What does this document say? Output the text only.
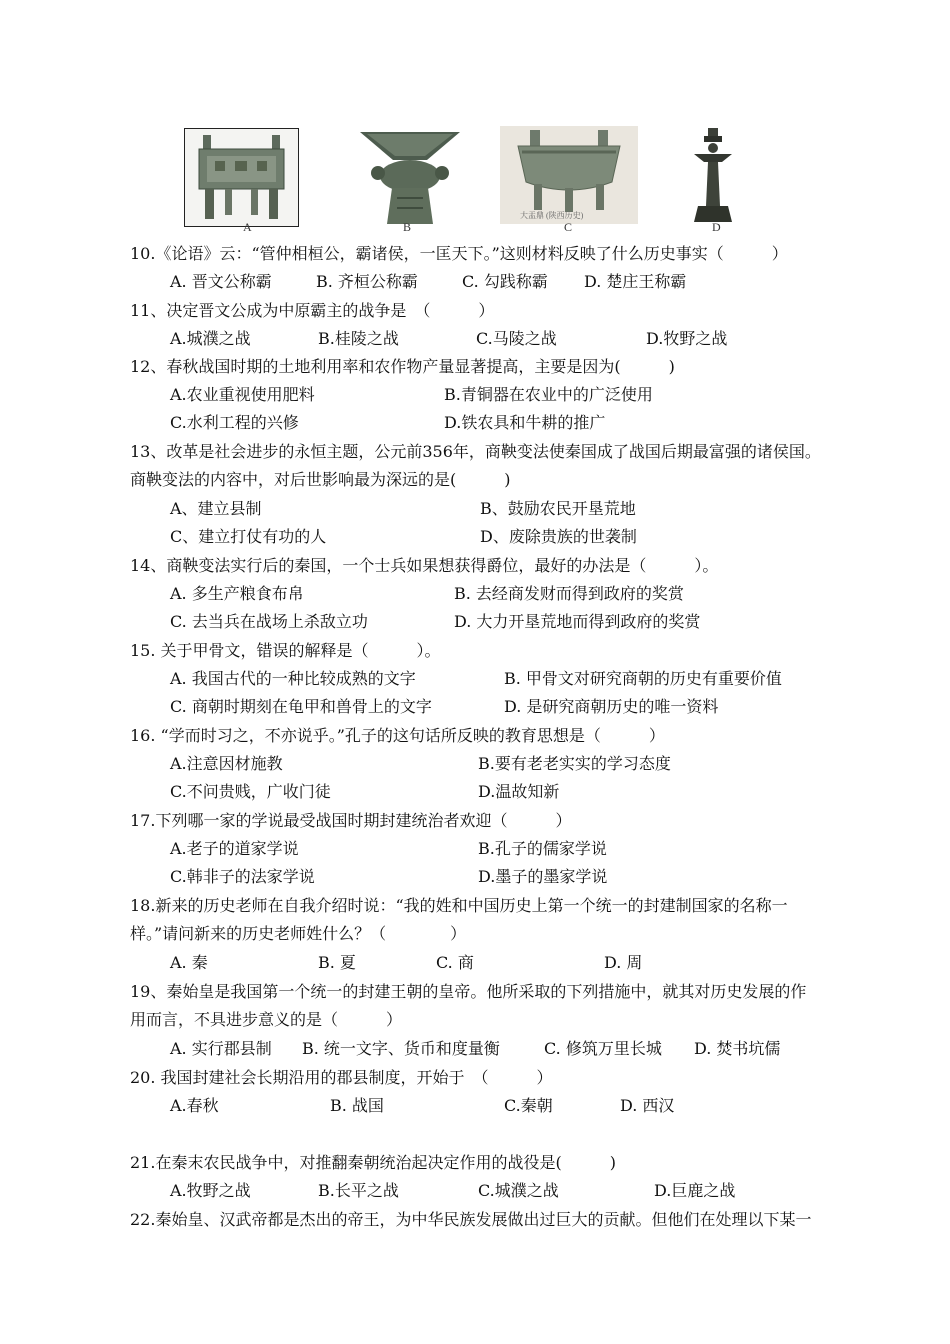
A	B
大盂鼎 (陕西历史)
C	D
10.《论语》云：“管仲相桓公，霸诸侯，一匡天下。”这则材料反映了什么历史事实（　　　）
A. 晋文公称霸	B. 齐桓公称霸	C. 勾践称霸 D. 楚庄王称霸
11、决定晋文公成为中原霸主的战争是　（　　　）
A.城濮之战	B.桂陵之战	C.马陵之战	D.牧野之战
12、春秋战国时期的土地利用率和农作物产量显著提高，主要是因为(　　　)
A.农业重视使用肥料	B.青铜器在农业中的广泛使用
C.水利工程的兴修	D.铁农具和牛耕的推广
13、改革是社会进步的永恒主题，公元前356年，商鞅变法使秦国成了战国后期最富强的诸侯国。
商鞅变法的内容中，对后世影响最为深远的是(　　　)
A、建立县制	B、鼓励农民开垦荒地
C、建立打仗有功的人	D、废除贵族的世袭制
14、商鞅变法实行后的秦国，一个士兵如果想获得爵位，最好的办法是（　　　）。
A. 多生产粮食布帛	B. 去经商发财而得到政府的奖赏
C. 去当兵在战场上杀敌立功	D. 大力开垦荒地而得到政府的奖赏
15. 关于甲骨文，错误的解释是（　　　）。
A. 我国古代的一种比较成熟的文字	B. 甲骨文对研究商朝的历史有重要价值
C. 商朝时期刻在龟甲和兽骨上的文字	D. 是研究商朝历史的唯一资料
16. “学而时习之，不亦说乎。”孔子的这句话所反映的教育思想是（　　　）
A.注意因材施教	B.要有老老实实的学习态度
C.不问贵贱，广收门徒	D.温故知新
17.下列哪一家的学说最受战国时期封建统治者欢迎（　　　）
A.老子的道家学说	B.孔子的儒家学说
C.韩非子的法家学说	D.墨子的墨家学说
18.新来的历史老师在自我介绍时说：“我的姓和中国历史上第一个统一的封建制国家的名称一
样。”请问新来的历史老师姓什么？（　　　　）
A. 秦	B. 夏	C. 商	D. 周
19、秦始皇是我国第一个统一的封建王朝的皇帝。他所采取的下列措施中，就其对历史发展的作
用而言，不具进步意义的是（　　　）
A. 实行郡县制 B. 统一文字、货币和度量衡	C. 修筑万里长城 D. 焚书坑儒
20. 我国封建社会长期沿用的郡县制度，开始于　（　　　）
A.春秋	B. 战国	C.秦朝	D. 西汉
21.在秦末农民战争中，对推翻秦朝统治起决定作用的战役是(　　　)
A.牧野之战	B.长平之战	C.城濮之战	D.巨鹿之战
22.秦始皇、汉武帝都是杰出的帝王，为中华民族发展做出过巨大的贡献。但他们在处理以下某一
